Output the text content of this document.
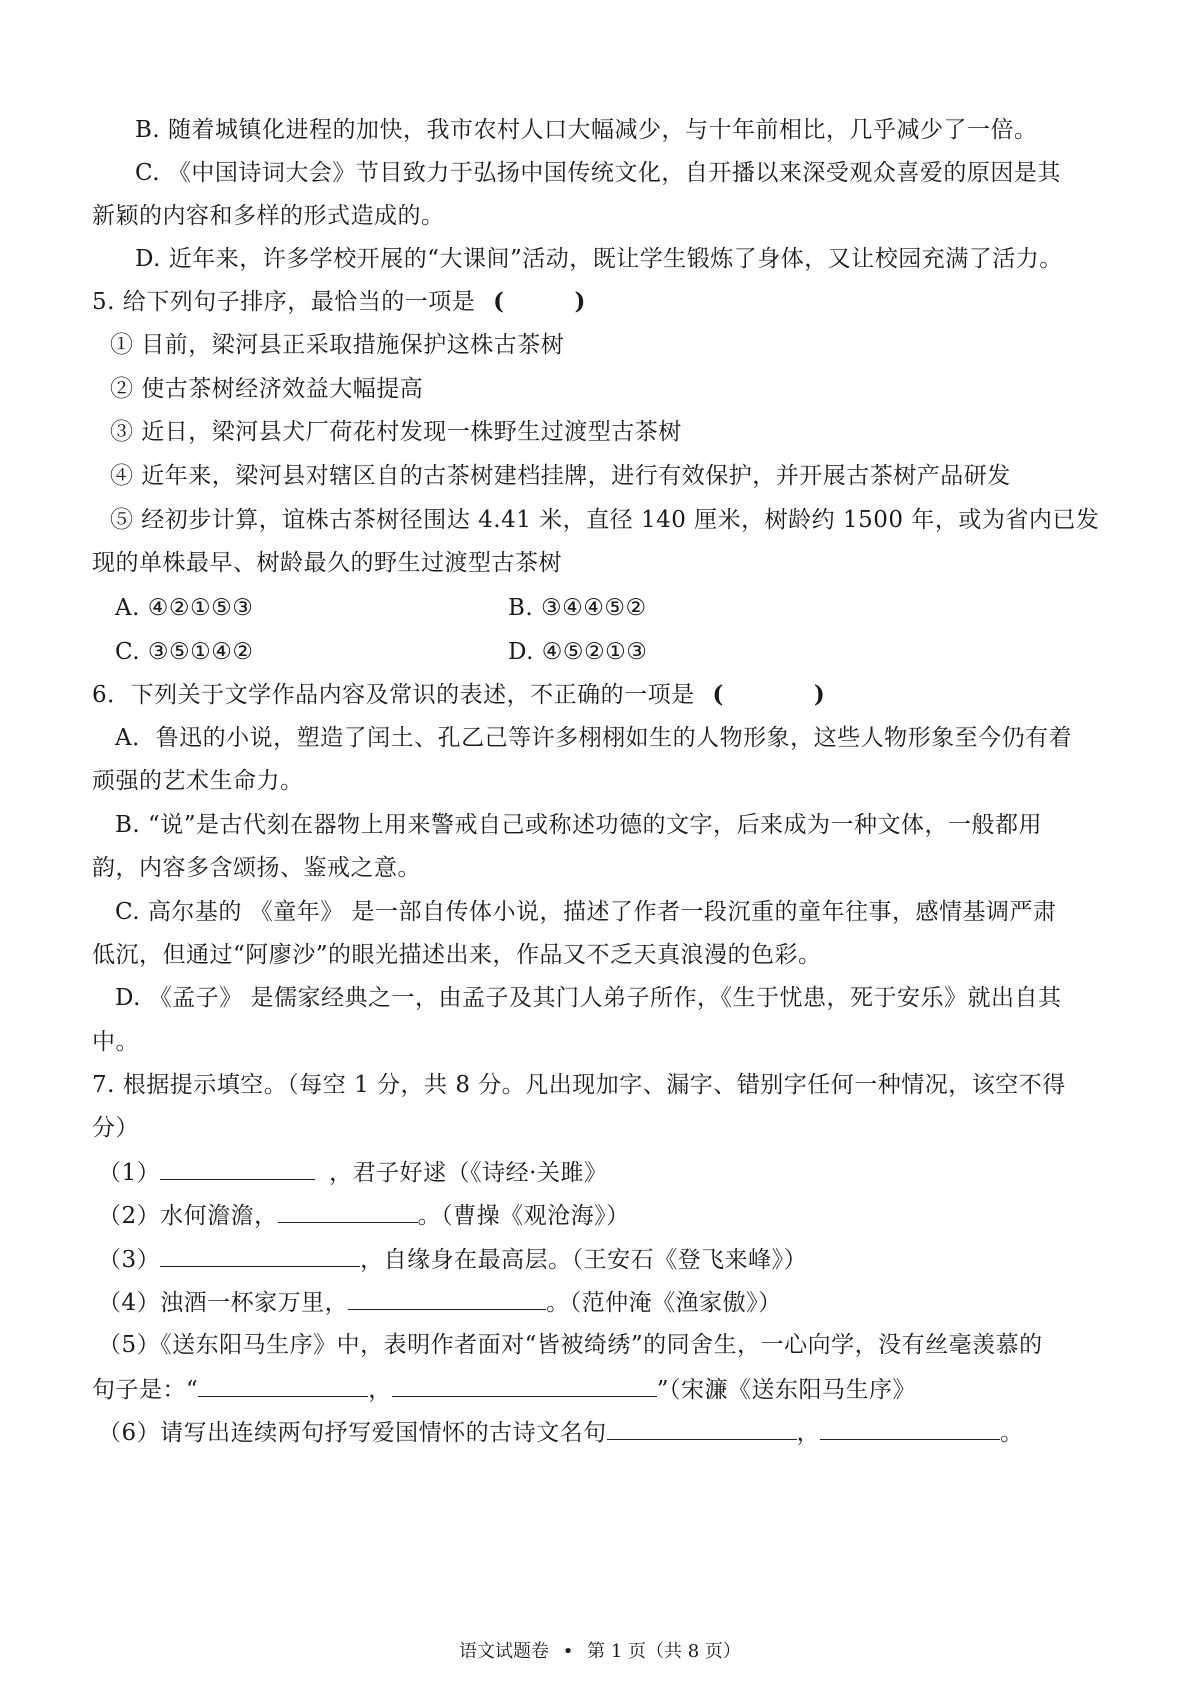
B. 随着城镇化进程的加快，我市农村人口大幅减少，与十年前相比，几乎减少了一倍。
C. 《中国诗词大会》节目致力于弘扬中国传统文化，自开播以来深受观众喜爱的原因是其
新颖的内容和多样的形式造成的。
D. 近年来，许多学校开展的“大课间”活动，既让学生锻炼了身体，又让校园充满了活力。
5. 给下列句子排序，最恰当的一项是 (	)
① 目前，梁河县正采取措施保护这株古茶树
② 使古茶树经济效益大幅提高
③ 近日，梁河县犬厂荷花村发现一株野生过渡型古茶树
④ 近年来，梁河县对辖区自的古茶树建档挂牌，进行有效保护，并开展古茶树产品研发
⑤ 经初步计算，谊株古茶树径围达 4.41 米，直径 140 厘米，树龄约 1500 年，或为省内已发
现的单株最早、树龄最久的野生过渡型古茶树
A. ④②①⑤③	B. ③④④⑤②
C. ③⑤①④②	D. ④⑤②①③
6．下列关于文学作品内容及常识的表述，不正确的一项是 (	)
A．鲁迅的小说，塑造了闰土、孔乙己等许多栩栩如生的人物形象，这些人物形象至今仍有着
顽强的艺术生命力。
B. “说”是古代刻在器物上用来警戒自己或称述功德的文字，后来成为一种文体，一般都用
韵，内容多含颂扬、鉴戒之意。
C. 高尔基的 《童年》 是一部自传体小说，描述了作者一段沉重的童年往事，感情基调严肃
低沉，但通过“阿廖沙”的眼光描述出来，作品又不乏天真浪漫的色彩。
D. 《孟子》 是儒家经典之一，由孟子及其门人弟子所作，《生于忧患，死于安乐》就出自其
中。
7. 根据提示填空。（每空 1 分，共 8 分。凡出现加字、漏字、错别字任何一种情况，该空不得
分）
（1）	，君子好逑（《诗经·关雎》
（2）水何澹澹，	。（曹操《观沧海》）
（3）	，自缘身在最高层。（王安石《登飞来峰》）
（4）浊酒一杯家万里，	。（范仲淹《渔家傲》）
（5）《送东阳马生序》中，表明作者面对“皆被绮绣”的同舍生，一心向学，没有丝毫羡慕的
句子是：“	，	”（宋濂《送东阳马生序》
（6）请写出连续两句抒写爱国情怀的古诗文名句	，	。
语文试题卷 • 第 1 页（共 8 页）
